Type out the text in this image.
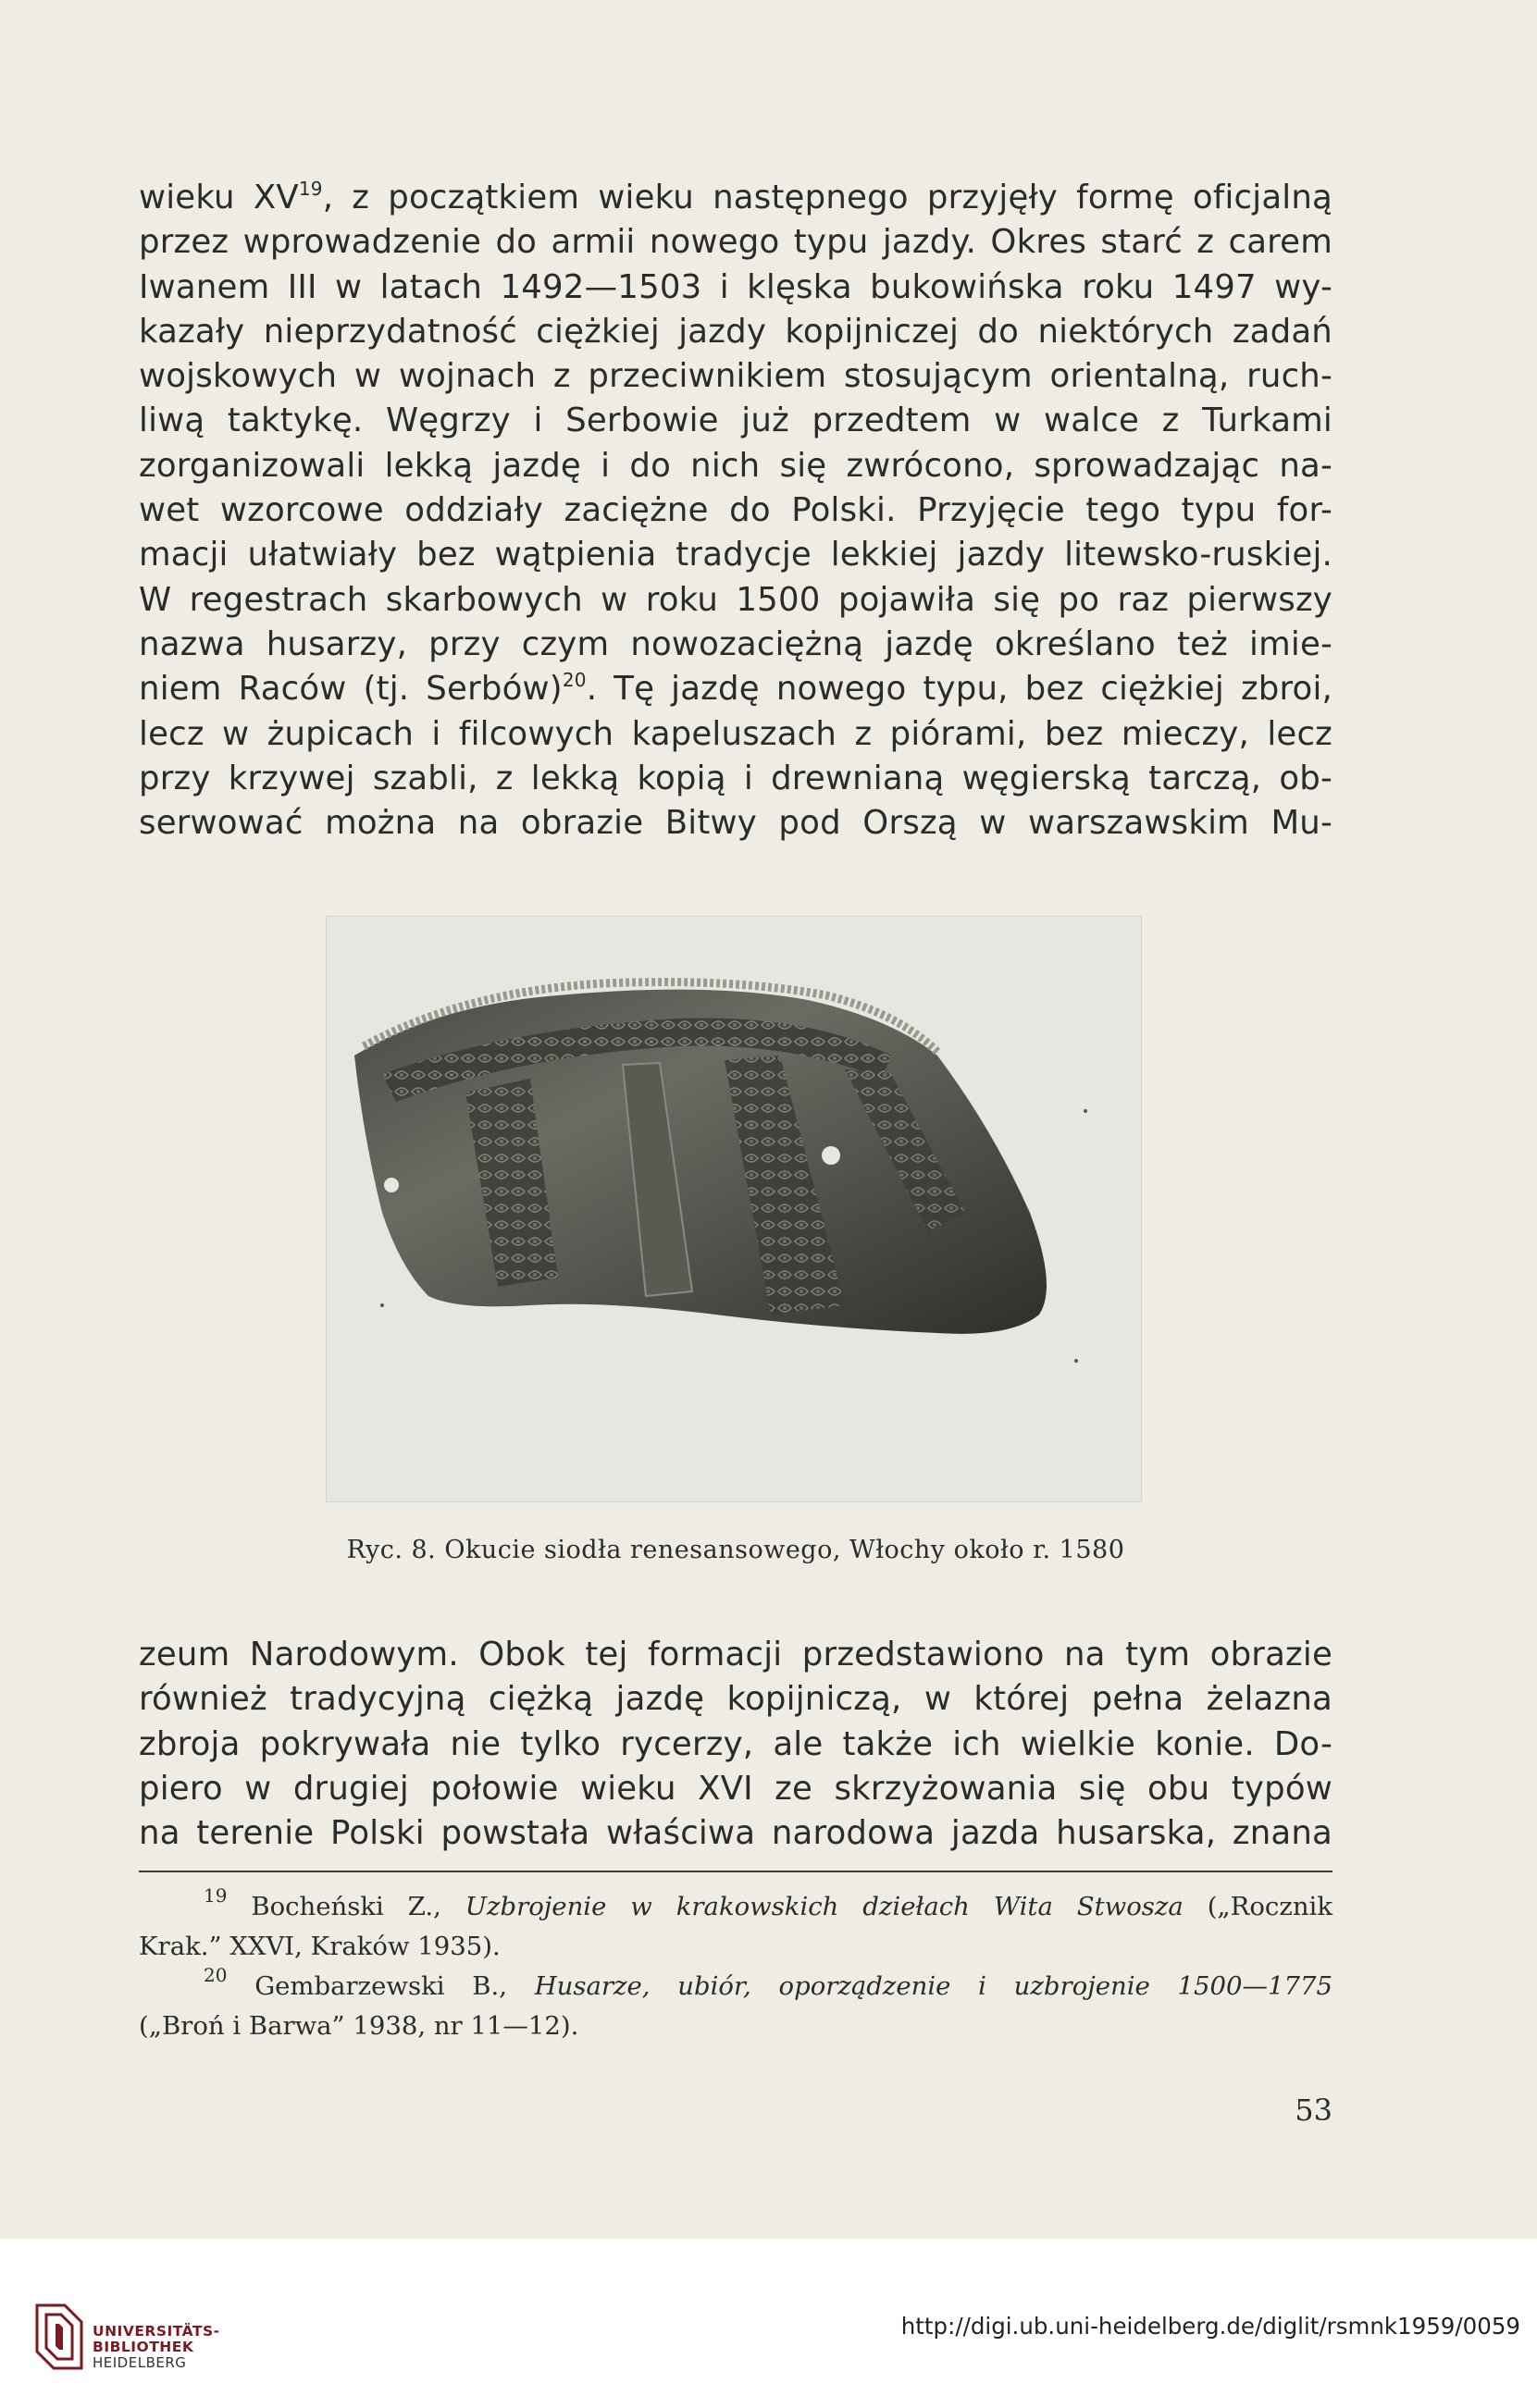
wieku XV$^{19}$, z początkiem wieku następnego przyjęły formę oficjalną
przez wprowadzenie do armii nowego typu jazdy. Okres starć z carem
Iwanem III w latach 1492—1503 i klęska bukowińska roku 1497 wy-
kazały nieprzydatność ciężkiej jazdy kopijniczej do niektórych zadań
wojskowych w wojnach z przeciwnikiem stosującym orientalną, ruch-
liwą taktykę. Węgrzy i Serbowie już przedtem w walce z Turkami
zorganizowali lekką jazdę i do nich się zwrócono, sprowadzając na-
wet wzorcowe oddziały zaciężne do Polski. Przyjęcie tego typu for-
macji ułatwiały bez wątpienia tradycje lekkiej jazdy litewsko-ruskiej.
W regestrach skarbowych w roku 1500 pojawiła się po raz pierwszy
nazwa husarzy, przy czym nowozaciężną jazdę określano też imie-
niem Raców (tj. Serbów)$^{20}$. Tę jazdę nowego typu, bez ciężkiej zbroi,
lecz w żupicach i filcowych kapeluszach z piórami, bez mieczy, lecz
przy krzywej szabli, z lekką kopią i drewnianą węgierską tarczą, ob-
serwować można na obrazie Bitwy pod Orszą w warszawskim Mu-
Ryc. 8. Okucie siodła renesansowego, Włochy około r. 1580
zeum Narodowym. Obok tej formacji przedstawiono na tym obrazie
również tradycyjną ciężką jazdę kopijniczą, w której pełna żelazna
zbroja pokrywała nie tylko rycerzy, ale także ich wielkie konie. Do-
piero w drugiej połowie wieku XVI ze skrzyżowania się obu typów
na terenie Polski powstała właściwa narodowa jazda husarska, znana
$^{19}$ Bocheński Z., Uzbrojenie w krakowskich dziełach Wita Stwosza („Rocznik
Krak.” XXVI, Kraków 1935).
$^{20}$ Gembarzewski B., Husarze, ubiór, oporządzenie i uzbrojenie 1500—1775
(„Broń i Barwa” 1938, nr 11—12).
53
UNIVERSITÄTS-
BIBLIOTHEK
HEIDELBERG
http://digi.ub.uni-heidelberg.de/diglit/rsmnk1959/0059
